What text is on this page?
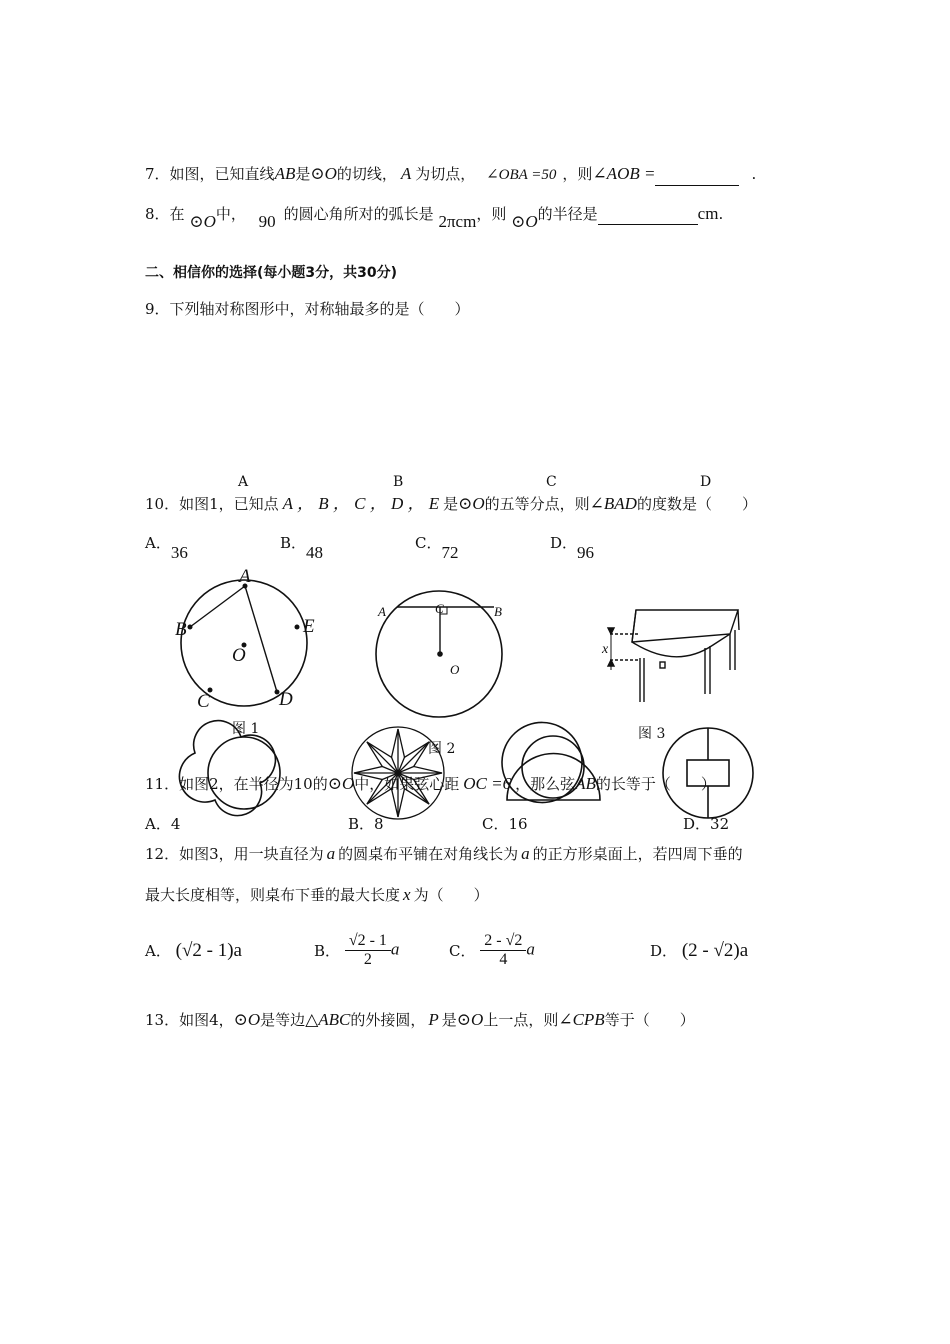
7．如图，已知直线AB是⊙O的切线， A 为切点， ∠OBA =50 ，则∠AOB =	.
8．在 ⊙O中， 90 的圆心角所对的弧长是 2πcm，则 ⊙O的半径是	cm.
二、相信你的选择(每小题3分，共30分)
9．下列轴对称图形中，对称轴最多的是（　　）
A	B	C	D
10．如图1，已知点 A ， B ， C ， D ， E 是⊙O的五等分点，则∠BAD的度数是（　　）
A．36	B．48	C．72	D．96
A
B
C	D
E
O
图 1
A	B
C
O
图 2
x
图 3
11．如图2，在半径为10的⊙O中，如果弦心距 OC =6 ，那么弦AB的长等于（　　）
A．4	B．8	C．16	D．32
12．如图3，用一块直径为 a 的圆桌布平铺在对角线长为 a 的正方形桌面上，若四周下垂的
最大长度相等，则桌布下垂的最大长度 x 为（　　）
A． (√2 - 1)a	B． $\frac{√2 - 1}{2}$ a	C． $\frac{2 - √2}{4}$ a	D． (2 - √2)a
13．如图4，⊙O是等边△ABC的外接圆， P 是⊙O上一点，则∠CPB等于（　　）
